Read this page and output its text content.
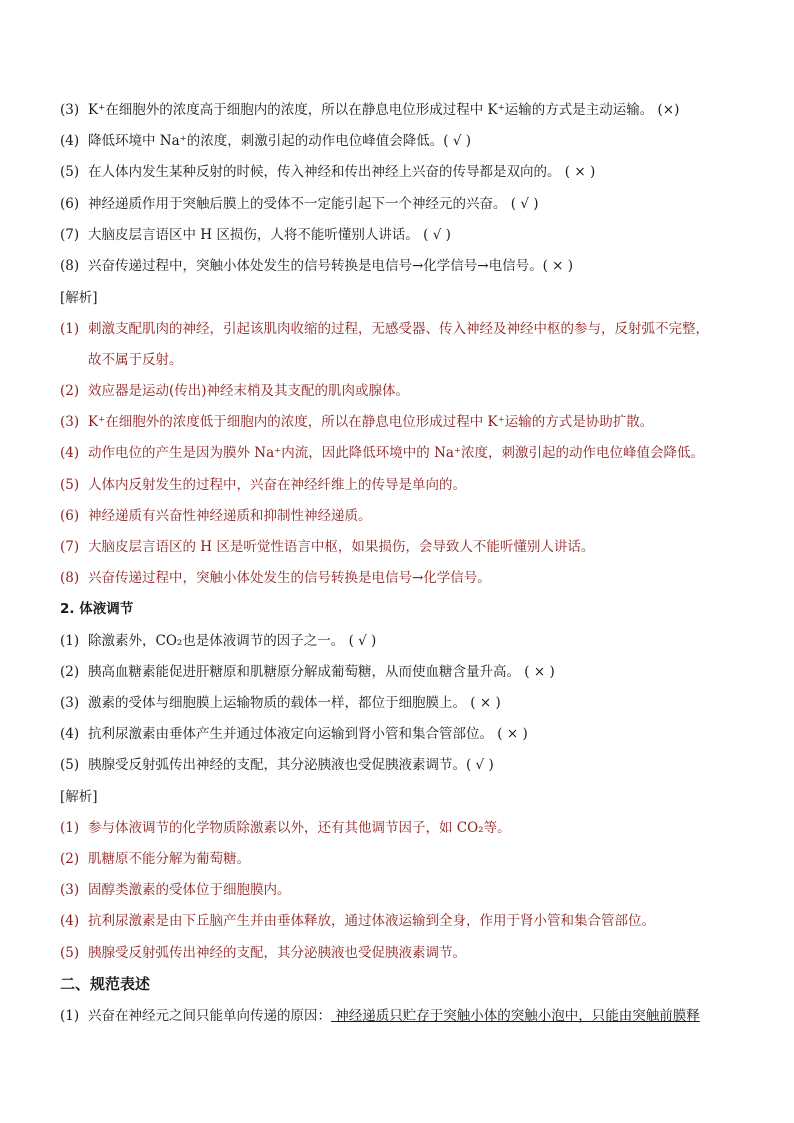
(3) K⁺在细胞外的浓度高于细胞内的浓度，所以在静息电位形成过程中 K⁺运输的方式是主动运输。 (×)
(4) 降低环境中 Na⁺的浓度，刺激引起的动作电位峰值会降低。( √ )
(5) 在人体内发生某种反射的时候，传入神经和传出神经上兴奋的传导都是双向的。 ( × )
(6) 神经递质作用于突触后膜上的受体不一定能引起下一个神经元的兴奋。 ( √ )
(7) 大脑皮层言语区中 H 区损伤，人将不能听懂别人讲话。 ( √ )
(8) 兴奋传递过程中，突触小体处发生的信号转换是电信号→化学信号→电信号。( × )
[解析]
(1) 刺激支配肌肉的神经，引起该肌肉收缩的过程，无感受器、传入神经及神经中枢的参与，反射弧不完整，
故不属于反射。
(2) 效应器是运动(传出)神经末梢及其支配的肌肉或腺体。
(3) K⁺在细胞外的浓度低于细胞内的浓度，所以在静息电位形成过程中 K⁺运输的方式是协助扩散。
(4) 动作电位的产生是因为膜外 Na⁺内流，因此降低环境中的 Na⁺浓度，刺激引起的动作电位峰值会降低。
(5) 人体内反射发生的过程中，兴奋在神经纤维上的传导是单向的。
(6) 神经递质有兴奋性神经递质和抑制性神经递质。
(7) 大脑皮层言语区的 H 区是听觉性语言中枢，如果损伤，会导致人不能听懂别人讲话。
(8) 兴奋传递过程中，突触小体处发生的信号转换是电信号→化学信号。
2. 体液调节
(1) 除激素外，CO₂也是体液调节的因子之一。 ( √ )
(2) 胰高血糖素能促进肝糖原和肌糖原分解成葡萄糖，从而使血糖含量升高。 ( × )
(3) 激素的受体与细胞膜上运输物质的载体一样，都位于细胞膜上。 ( × )
(4) 抗利尿激素由垂体产生并通过体液定向运输到肾小管和集合管部位。 ( × )
(5) 胰腺受反射弧传出神经的支配，其分泌胰液也受促胰液素调节。( √ )
[解析]
(1) 参与体液调节的化学物质除激素以外，还有其他调节因子，如 CO₂等。
(2) 肌糖原不能分解为葡萄糖。
(3) 固醇类激素的受体位于细胞膜内。
(4) 抗利尿激素是由下丘脑产生并由垂体释放，通过体液运输到全身，作用于肾小管和集合管部位。
(5) 胰腺受反射弧传出神经的支配，其分泌胰液也受促胰液素调节。
二、规范表述
(1) 兴奋在神经元之间只能单向传递的原因： 神经递质只贮存于突触小体的突触小泡中，只能由突触前膜释
